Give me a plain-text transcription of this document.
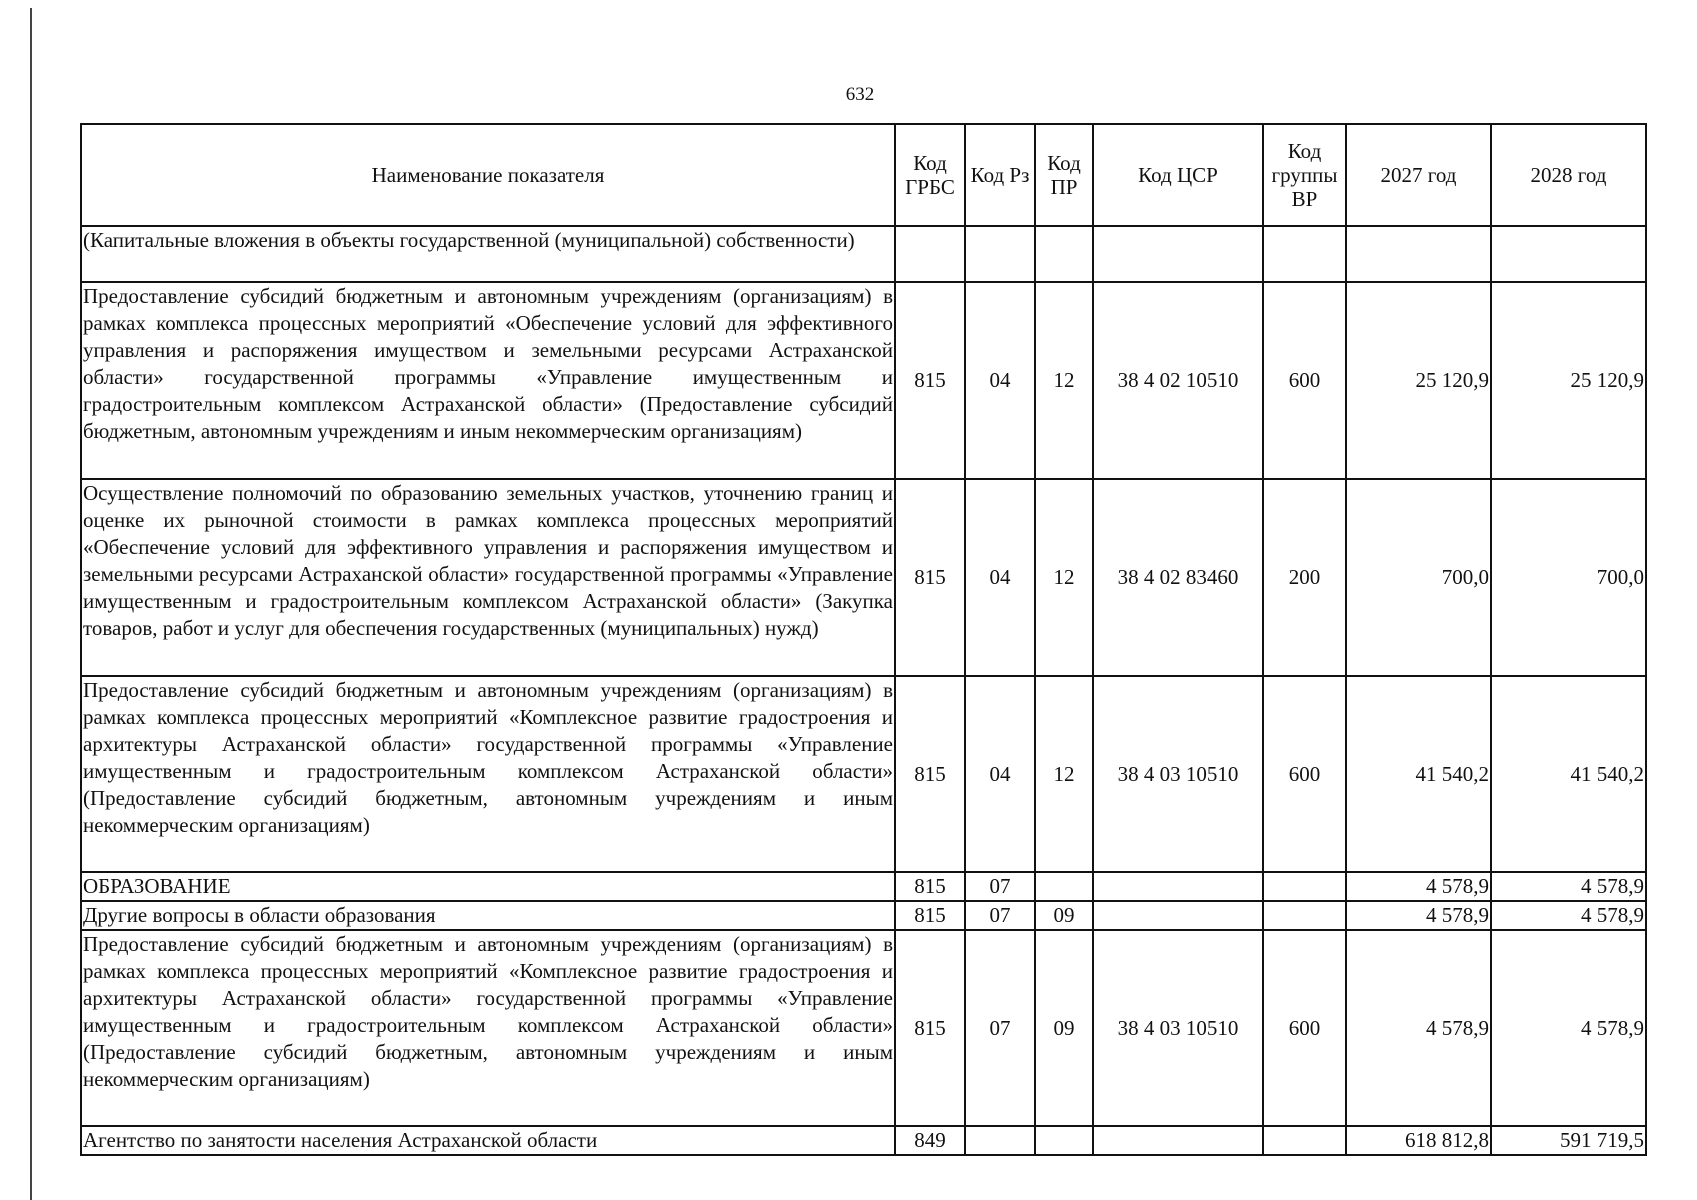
632
Наименование показателя	Код ГРБС	Код Рз	Код ПР	Код ЦСР	Код группы ВР	2027 год	2028 год
(Капитальные вложения в объекты государственной (муниципальной) собственности)							
Предоставление субсидий бюджетным и автономным учреждениям (организациям) в рамках комплекса процессных мероприятий «Обеспечение условий для эффективного управления и распоряжения имуществом и земельными ресурсами Астраханской области» государственной программы «Управление имущественным и градостроительным комплексом Астраханской области» (Предоставление субсидий бюджетным, автономным учреждениям и иным некоммерческим организациям)	815	04	12	38 4 02 10510	600	25 120,9	25 120,9
Осуществление полномочий по образованию земельных участков, уточнению границ и оценке их рыночной стоимости в рамках комплекса процессных мероприятий «Обеспечение условий для эффективного управления и распоряжения имуществом и земельными ресурсами Астраханской области» государственной программы «Управление имущественным и градостроительным комплексом Астраханской области» (Закупка товаров, работ и услуг для обеспечения государственных (муниципальных) нужд)	815	04	12	38 4 02 83460	200	700,0	700,0
Предоставление субсидий бюджетным и автономным учреждениям (организациям) в рамках комплекса процессных мероприятий «Комплексное развитие градостроения и архитектуры Астраханской области» государственной программы «Управление имущественным и градостроительным комплексом Астраханской области» (Предоставление субсидий бюджетным, автономным учреждениям и иным некоммерческим организациям)	815	04	12	38 4 03 10510	600	41 540,2	41 540,2
ОБРАЗОВАНИЕ	815	07				4 578,9	4 578,9
Другие вопросы в области образования	815	07	09			4 578,9	4 578,9
Предоставление субсидий бюджетным и автономным учреждениям (организациям) в рамках комплекса процессных мероприятий «Комплексное развитие градостроения и архитектуры Астраханской области» государственной программы «Управление имущественным и градостроительным комплексом Астраханской области» (Предоставление субсидий бюджетным, автономным учреждениям и иным некоммерческим организациям)	815	07	09	38 4 03 10510	600	4 578,9	4 578,9
Агентство по занятости населения Астраханской области	849					618 812,8	591 719,5
